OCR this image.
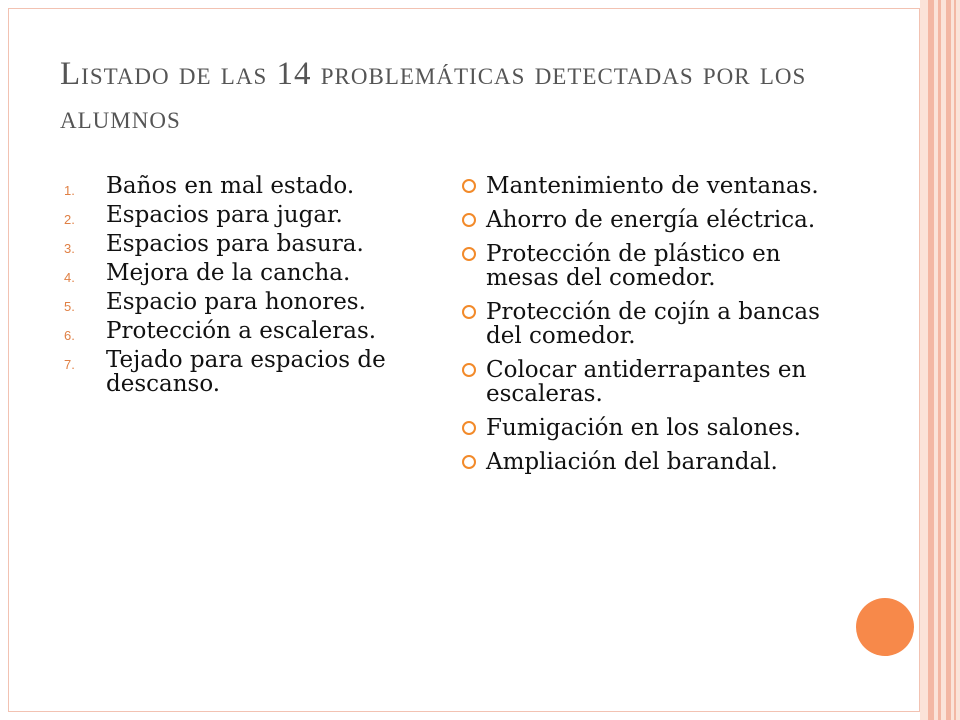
Listado de las 14 problemáticas detectadas por los alumnos
1.	Baños en mal estado.
2.	Espacios para jugar.
3.	Espacios para basura.
4.	Mejora de la cancha.
5.	Espacio para honores.
6.	Protección a escaleras.
7.	Tejado para espacios de descanso.
Mantenimiento de ventanas.
Ahorro de energía eléctrica.
Protección de plástico en mesas del comedor.
Protección de cojín a bancas del comedor.
Colocar antiderrapantes en escaleras.
Fumigación en los salones.
Ampliación del barandal.
